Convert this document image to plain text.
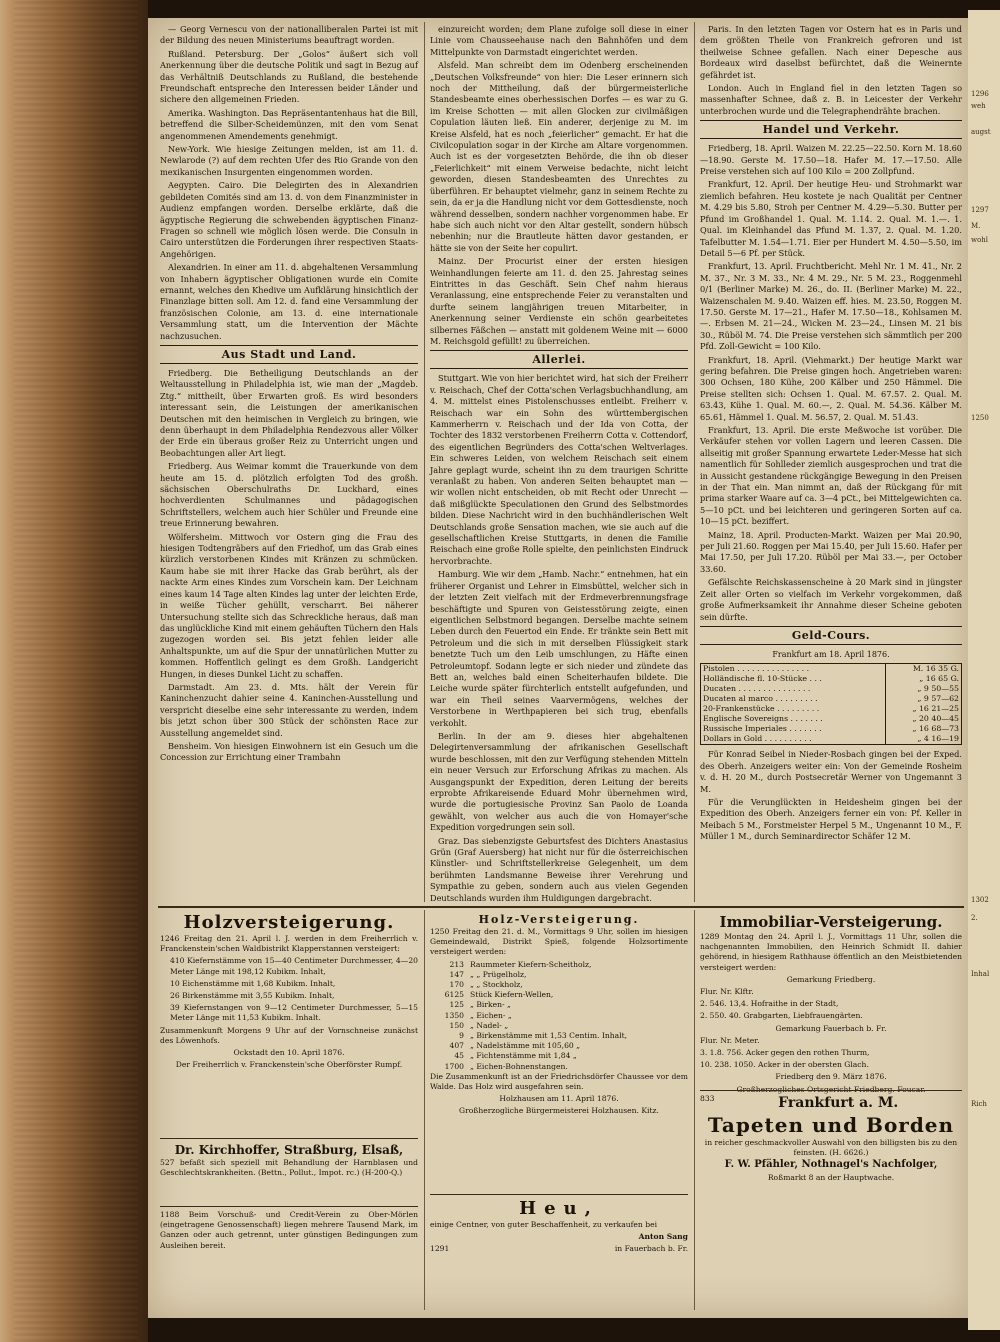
— Georg Vernescu von der nationalliberalen Partei ist mit der Bildung des neuen Ministeriums beauftragt worden.

Rußland. Petersburg. Der „Golos“ äußert sich voll Anerkennung über die deutsche Politik und sagt in Bezug auf das Verhältniß Deutschlands zu Rußland, die bestehende Freundschaft entspreche den Interessen beider Länder und sichere den allgemeinen Frieden.

Amerika. Washington. Das Repräsentantenhaus hat die Bill, betreffend die Silber-Scheidemünzen, mit den vom Senat angenommenen Amendements genehmigt.

New-York. Wie hiesige Zeitungen melden, ist am 11. d. Newlarode (?) auf dem rechten Ufer des Rio Grande von den mexikanischen Insurgenten eingenommen worden.

Aegypten. Cairo. Die Delegirten des in Alexandrien gebildeten Comités sind am 13. d. von dem Finanzminister in Audienz empfangen worden. Derselbe erklärte, daß die ägyptische Regierung die schwebenden ägyptischen Finanz-Fragen so schnell wie möglich lösen werde. Die Consuln in Cairo unterstützen die Forderungen ihrer respectiven Staats-Angehörigen.

Alexandrien. In einer am 11. d. abgehaltenen Versammlung von Inhabern ägyptischer Obligationen wurde ein Comite ernannt, welches den Khedive um Aufklärung hinsichtlich der Finanzlage bitten soll. Am 12. d. fand eine Versammlung der französischen Colonie, am 13. d. eine internationale Versammlung statt, um die Intervention der Mächte nachzusuchen.

Aus Stadt und Land.

Friedberg. Die Betheiligung Deutschlands an der Weltausstellung in Philadelphia ist, wie man der „Magdeb. Ztg.“ mittheilt, über Erwarten groß. Es wird besonders interessant sein, die Leistungen der amerikanischen Deutschen mit den heimischen in Vergleich zu bringen, wie denn überhaupt in dem Philadelphia Rendezvous aller Völker der Erde ein überaus großer Reiz zu Unterricht ungen und Beobachtungen aller Art liegt.

Friedberg. Aus Weimar kommt die Trauerkunde von dem heute am 15. d. plötzlich erfolgten Tod des großh. sächsischen Oberschulraths Dr. Luckhard, eines hochverdienten Schulmannes und pädagogischen Schriftstellers, welchem auch hier Schüler und Freunde eine treue Erinnerung bewahren.

Wölfersheim. Mittwoch vor Ostern ging die Frau des hiesigen Todtengräbers auf den Friedhof, um das Grab eines kürzlich verstorbenen Kindes mit Kränzen zu schmücken. Kaum habe sie mit ihrer Hacke das Grab berührt, als der nackte Arm eines Kindes zum Vorschein kam. Der Leichnam eines kaum 14 Tage alten Kindes lag unter der leichten Erde, in weiße Tücher gehüllt, verscharrt. Bei näherer Untersuchung stellte sich das Schreckliche heraus, daß man das unglückliche Kind mit einem gehäuften Tüchern den Hals zugezogen worden sei. Bis jetzt fehlen leider alle Anhaltspunkte, um auf die Spur der unnatürlichen Mutter zu kommen. Hoffentlich gelingt es dem Großh. Landgericht Hungen, in dieses Dunkel Licht zu schaffen.

Darmstadt. Am 23. d. Mts. hält der Verein für Kaninchenzucht dahier seine 4. Kaninchen-Ausstellung und verspricht dieselbe eine sehr interessante zu werden, indem bis jetzt schon über 300 Stück der schönsten Race zur Ausstellung angemeldet sind.

Bensheim. Von hiesigen Einwohnern ist ein Gesuch um die Concession zur Errichtung einer Trambahn

einzureicht worden; dem Plane zufolge soll diese in einer Linie vom Chausseehause nach den Bahnhöfen und dem Mittelpunkte von Darmstadt eingerichtet werden.

Alsfeld. Man schreibt dem im Odenberg erscheinenden „Deutschen Volksfreunde“ von hier: Die Leser erinnern sich noch der Mittheilung, daß der bürgermeisterliche Standesbeamte eines oberhessischen Dorfes — es war zu G. im Kreise Schotten — mit allen Glocken zur civilmäßigen Copulation läuten ließ. Ein anderer, derjenige zu M. im Kreise Alsfeld, hat es noch „feierlicher“ gemacht. Er hat die Civilcopulation sogar in der Kirche am Altare vorgenommen. Auch ist es der vorgesetzten Behörde, die ihn ob dieser „Feierlichkeit“ mit einem Verweise bedachte, nicht leicht geworden, diesen Standesbeamten des Unrechtes zu überführen. Er behauptet vielmehr, ganz in seinem Rechte zu sein, da er ja die Handlung nicht vor dem Gottesdienste, noch während desselben, sondern nachher vorgenommen habe. Er habe sich auch nicht vor den Altar gestellt, sondern hübsch nebenhin; nur die Brautleute hätten davor gestanden, er hätte sie von der Seite her copulirt.

Mainz. Der Procurist einer der ersten hiesigen Weinhandlungen feierte am 11. d. den 25. Jahrestag seines Eintrittes in das Geschäft. Sein Chef nahm hieraus Veranlassung, eine entsprechende Feier zu veranstalten und durfte seinem langjährigen treuen Mitarbeiter, in Anerkennung seiner Verdienste ein schön gearbeitetes silbernes Fäßchen — anstatt mit goldenem Weine mit — 6000 M. Reichsgold gefüllt! zu überreichen.

Allerlei.

Stuttgart. Wie von hier berichtet wird, hat sich der Freiherr v. Reischach, Chef der Cotta'schen Verlagsbuchhandlung, am 4. M. mittelst eines Pistolenschusses entleibt. Freiherr v. Reischach war ein Sohn des württembergischen Kammerherrn v. Reischach und der Ida von Cotta, der Tochter des 1832 verstorbenen Freiherrn Cotta v. Cottendorf, des eigentlichen Begründers des Cotta'schen Weltverlages. Ein schweres Leiden, von welchem Reischach seit einem Jahre geplagt wurde, scheint ihn zu dem traurigen Schritte veranlaßt zu haben. Von anderen Seiten behauptet man — wir wollen nicht entscheiden, ob mit Recht oder Unrecht — daß mißglückte Speculationen den Grund des Selbstmordes bilden. Diese Nachricht wird in den buchhändlerischen Welt Deutschlands große Sensation machen, wie sie auch auf die gesellschaftlichen Kreise Stuttgarts, in denen die Familie Reischach eine große Rolle spielte, den peinlichsten Eindruck hervorbrachte.

Hamburg. Wie wir dem „Hamb. Nachr.“ entnehmen, hat ein früherer Organist und Lehrer in Eimsbüttel, welcher sich in der letzten Zeit vielfach mit der Erdmeverbrennungsfrage beschäftigte und Spuren von Geistesstörung zeigte, einen eigentlichen Selbstmord begangen. Derselbe machte seinem Leben durch den Feuertod ein Ende. Er tränkte sein Bett mit Petroleum und die sich in mit derselben Flüssigkeit stark benetzte Tuch um den Leib umschlungen, zu Häfte einen Petroleumtopf. Sodann legte er sich nieder und zündete das Bett an, welches bald einen Scheiterhaufen bildete. Die Leiche wurde später fürchterlich entstellt aufgefunden, und war ein Theil seines Vaarvermögens, welches der Verstorbene in Werthpapieren bei sich trug, ebenfalls verkohlt.

Berlin. In der am 9. dieses hier abgehaltenen Delegirtenversammlung der afrikanischen Gesellschaft wurde beschlossen, mit den zur Verfügung stehenden Mitteln ein neuer Versuch zur Erforschung Afrikas zu machen. Als Ausgangspunkt der Expedition, deren Leitung der bereits erprobte Afrikareisende Eduard Mohr übernehmen wird, wurde die portugiesische Provinz San Paolo de Loanda gewählt, von welcher aus auch die von Homayer'sche Expedition vorgedrungen sein soll.

Graz. Das siebenzigste Geburtsfest des Dichters Anastasius Grün (Graf Auersberg) hat nicht nur für die österreichischen Künstler- und Schriftstellerkreise Gelegenheit, um dem berühmten Landsmanne Beweise ihrer Verehrung und Sympathie zu geben, sondern auch aus vielen Gegenden Deutschlands wurden ihm Huldigungen dargebracht.

Paris. In den letzten Tagen vor Ostern hat es in Paris und dem größten Theile von Frankreich gefroren und ist theilweise Schnee gefallen. Nach einer Depesche aus Bordeaux wird daselbst befürchtet, daß die Weinernte gefährdet ist.

London. Auch in England fiel in den letzten Tagen so massenhafter Schnee, daß z. B. in Leicester der Verkehr unterbrochen wurde und die Telegraphendrähte brachen.

Handel und Verkehr.

Friedberg, 18. April. Waizen M. 22.25—22.50. Korn M. 18.60—18.90. Gerste M. 17.50—18. Hafer M. 17.—17.50. Alle Preise verstehen sich auf 100 Kilo = 200 Zollpfund.

Frankfurt, 12. April. Der heutige Heu- und Strohmarkt war ziemlich befahren. Heu kostete je nach Qualität per Centner M. 4.29 bis 5.80, Stroh per Centner M. 4.29—5.30. Butter per Pfund im Großhandel 1. Qual. M. 1.14. 2. Qual. M. 1.—. 1. Qual. im Kleinhandel das Pfund M. 1.37, 2. Qual. M. 1.20. Tafelbutter M. 1.54—1.71. Eier per Hundert M. 4.50—5.50, im Detail 5—6 Pf. per Stück.

Frankfurt, 13. April. Fruchtbericht. Mehl Nr. 1 M. 41., Nr. 2 M. 37., Nr. 3 M. 33., Nr. 4 M. 29., Nr. 5 M. 23., Roggenmehl 0/1 (Berliner Marke) M. 26., do. II. (Berliner Marke) M. 22., Waizenschalen M. 9.40. Waizen eff. hies. M. 23.50, Roggen M. 17.50. Gerste M. 17—21., Hafer M. 17.50—18., Kohlsamen M. —. Erbsen M. 21—24., Wicken M. 23—24., Linsen M. 21 bis 30., Rüböl M. 74. Die Preise verstehen sich sämmtlich per 200 Pfd. Zoll-Gewicht = 100 Kilo.

Frankfurt, 18. April. (Viehmarkt.) Der heutige Markt war gering befahren. Die Preise gingen hoch. Angetrieben waren: 300 Ochsen, 180 Kühe, 200 Kälber und 250 Hämmel. Die Preise stellten sich: Ochsen 1. Qual. M. 67.57. 2. Qual. M. 63.43, Kühe 1. Qual. M. 60.—, 2. Qual. M. 54.36. Kälber M. 65.61, Hämmel 1. Qual. M. 56.57, 2. Qual. M. 51.43.

Frankfurt, 13. April. Die erste Meßwoche ist vorüber. Die Verkäufer stehen vor vollen Lagern und leeren Cassen. Die allseitig mit großer Spannung erwartete Leder-Messe hat sich namentlich für Sohlleder ziemlich ausgesprochen und trat die in Aussicht gestandene rückgängige Bewegung in den Preisen in der That ein. Man nimmt an, daß der Rückgang für mit prima starker Waare auf ca. 3—4 pCt., bei Mittelgewichten ca. 5—10 pCt. und bei leichteren und geringeren Sorten auf ca. 10—15 pCt. beziffert.

Mainz, 18. April. Producten-Markt. Waizen per Mai 20.90, per Juli 21.60. Roggen per Mai 15.40, per Juli 15.60. Hafer per Mai 17.50, per Juli 17.20. Rüböl per Mai 33.—, per October 33.60.

Gefälschte Reichskassenscheine à 20 Mark sind in jüngster Zeit aller Orten so vielfach im Verkehr vorgekommen, daß große Aufmerksamkeit ihr Annahme dieser Scheine geboten sein dürfte.

Geld-Cours.
Frankfurt am 18. April 1876.
Pistolen . . . . . . . . . . . . . . .	M. 16 35 G.
Holländische fl. 10-Stücke . . .	„ 16 65 G.
Ducaten . . . . . . . . . . . . . . .	„ 9 50—55
Ducaten al marco . . . . . . . . .	„ 9 57—62
20-Frankenstücke . . . . . . . . .	„ 16 21—25
Englische Sovereigns . . . . . . .	„ 20 40—45
Russische Imperiales . . . . . . .	„ 16 68—73
Dollars in Gold . . . . . . . . . .	„ 4 16—19

Für Konrad Seibel in Nieder-Rosbach gingen bei der Exped. des Oberh. Anzeigers weiter ein: Von der Gemeinde Rosheim v. d. H. 20 M., durch Postsecretär Werner von Ungemannt 3 M.

Für die Verunglückten in Heidesheim gingen bei der Expedition des Oberh. Anzeigers ferner ein von: Pf. Keller in Meibach 5 M., Forstmeister Herpel 5 M., Ungenannt 10 M., F. Müller 1 M., durch Seminardirector Schäfer 12 M.

Holzversteigerung.

1246 Freitag den 21. April l. J. werden in dem Freiherrlich v. Franckenstein'schen Waldbistrikt Klapperstannen versteigert:

410 Kiefernstämme von 15—40 Centimeter Durchmesser, 4—20 Meter Länge mit 198,12 Kubikm. Inhalt,

10 Eichenstämme mit 1,68 Kubikm. Inhalt,

26 Birkenstämme mit 3,55 Kubikm. Inhalt,

39 Kiefernstangen von 9—12 Centimeter Durchmesser, 5—15 Meter Länge mit 11,53 Kubikm. Inhalt.

Zusammenkunft Morgens 9 Uhr auf der Vornschneise zunächst des Löwenhofs.

Ockstadt den 10. April 1876.

Der Freiherrlich v. Franckenstein'sche Oberförster Rumpf.

Dr. Kirchhoffer, Straßburg, Elsaß,

527 befaßt sich speziell mit Behandlung der Harnblasen und Geschlechtskrankheiten. (Bettn., Pollut., Impot. rc.) (H-200-Q.)

1188 Beim Vorschuß- und Credit-Verein zu Ober-Mörlen (eingetragene Genossenschaft) liegen mehrere Tausend Mark, im Ganzen oder auch getrennt, unter günstigen Bedingungen zum Ausleihen bereit.

Holz-Versteigerung.

1250 Freitag den 21. d. M., Vormittags 9 Uhr, sollen im hiesigen Gemeindewald, Distrikt Spieß, folgende Holzsortimente versteigert werden:

213 Raummeter Kiefern-Scheitholz,
147 „ „ Prügelholz,
170 „ „ Stockholz,
6125 Stück Kiefern-Wellen,
125 „ Birken- „
1350 „ Eichen- „
150 „ Nadel- „
9 „ Birkenstämme mit 1,53 Centim. Inhalt,
407 „ Nadelstämme mit 105,60 „
45 „ Fichtenstämme mit 1,84 „
1700 „ Eichen-Bohnenstangen.

Die Zusammenkunft ist an der Friedrichsdörfer Chaussee vor dem Walde. Das Holz wird ausgefahren sein.

Holzhausen am 11. April 1876.

Großherzogliche Bürgermeisterei Holzhausen. Kitz.

Heu,

einige Centner, von guter Beschaffenheit, zu verkaufen bei

Anton Sang

1291	in Fauerbach b. Fr.
Immobiliar-Versteigerung.

1289 Montag den 24. April l. J., Vormittags 11 Uhr, sollen die nachgenannten Immobilien, den Heinrich Schmidt II. dahier gehörend, in hiesigem Rathhause öffentlich an den Meistbietenden versteigert werden:

Gemarkung Friedberg.

Flur. Nr. Klftr.

2. 546. 13,4. Hofraithe in der Stadt,

2. 550. 40. Grabgarten, Liebfrauengärten.

Gemarkung Fauerbach b. Fr.

Flur. Nr. Meter.

3. 1.8. 756. Acker gegen den rothen Thurm,

10. 238. 1050. Acker in der obersten Glach.

Friedberg den 9. März 1876.

833	Frankfurt a. M.
Tapeten und Borden

in reicher geschmackvoller Auswahl von den billigsten bis zu den feinsten. (H. 6626.)

F. W. Pfähler, Nothnagel's Nachfolger,

Roßmarkt 8 an der Hauptwache.

1296
weh
augst
1297
M.
wohl
1250
1302
2.
Inhal
Rich
